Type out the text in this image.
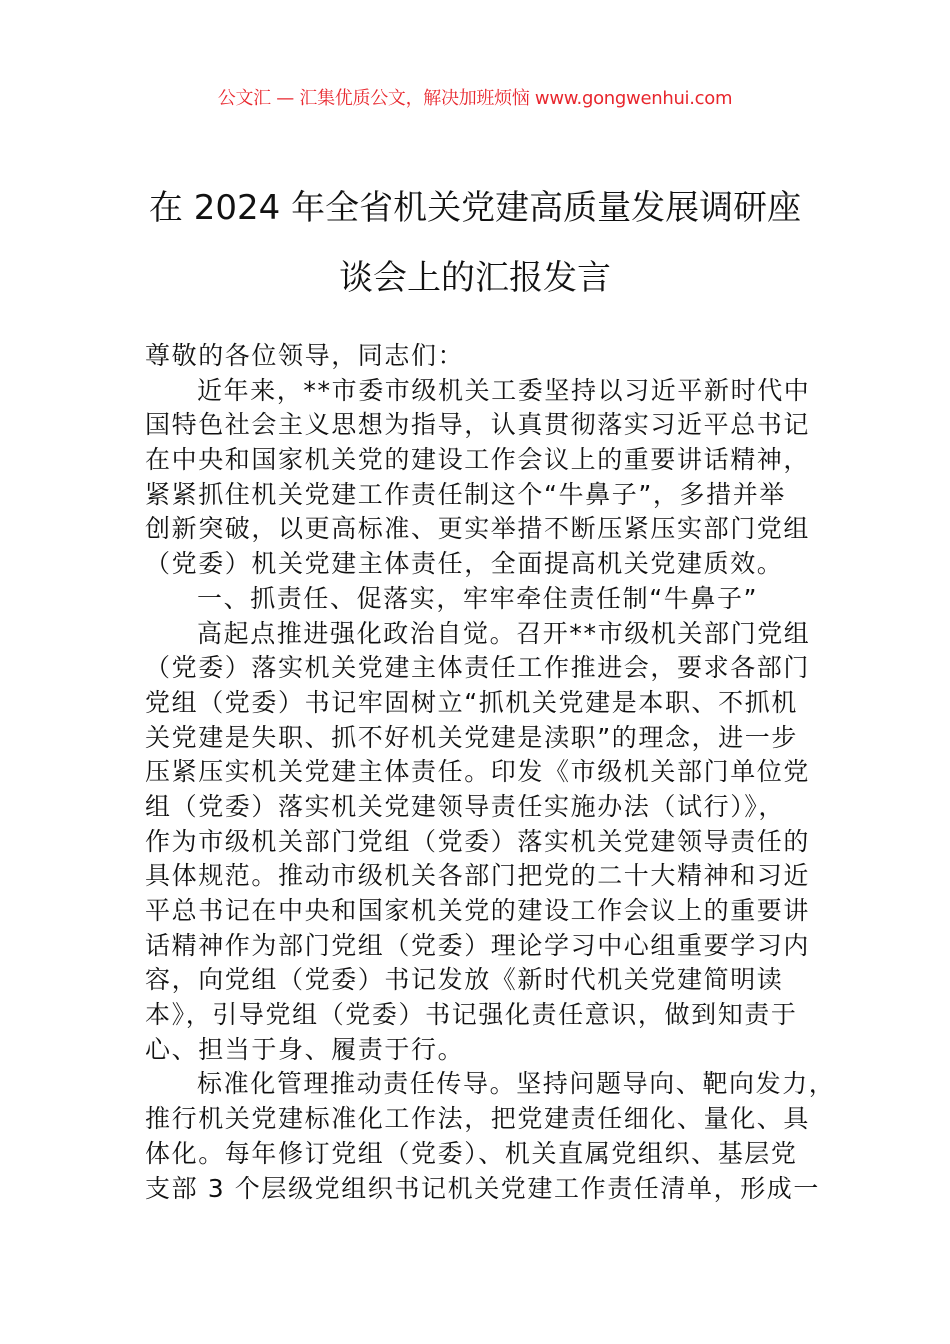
公文汇 — 汇集优质公文，解决加班烦恼 www.gongwenhui.com
在 2024 年全省机关党建高质量发展调研座
谈会上的汇报发言
尊敬的各位领导，同志们：
近年来，**市委市级机关工委坚持以习近平新时代中
国特色社会主义思想为指导，认真贯彻落实习近平总书记
在中央和国家机关党的建设工作会议上的重要讲话精神，
紧紧抓住机关党建工作责任制这个“牛鼻子”，多措并举
创新突破，以更高标准、更实举措不断压紧压实部门党组
（党委）机关党建主体责任，全面提高机关党建质效。
一、抓责任、促落实，牢牢牵住责任制“牛鼻子”
高起点推进强化政治自觉。召开**市级机关部门党组
（党委）落实机关党建主体责任工作推进会，要求各部门
党组（党委）书记牢固树立“抓机关党建是本职、不抓机
关党建是失职、抓不好机关党建是渎职”的理念，进一步
压紧压实机关党建主体责任。印发《市级机关部门单位党
组（党委）落实机关党建领导责任实施办法（试行）》，
作为市级机关部门党组（党委）落实机关党建领导责任的
具体规范。推动市级机关各部门把党的二十大精神和习近
平总书记在中央和国家机关党的建设工作会议上的重要讲
话精神作为部门党组（党委）理论学习中心组重要学习内
容，向党组（党委）书记发放《新时代机关党建简明读
本》，引导党组（党委）书记强化责任意识，做到知责于
心、担当于身、履责于行。
标准化管理推动责任传导。坚持问题导向、靶向发力，
推行机关党建标准化工作法，把党建责任细化、量化、具
体化。每年修订党组（党委）、机关直属党组织、基层党
支部 3 个层级党组织书记机关党建工作责任清单，形成一
